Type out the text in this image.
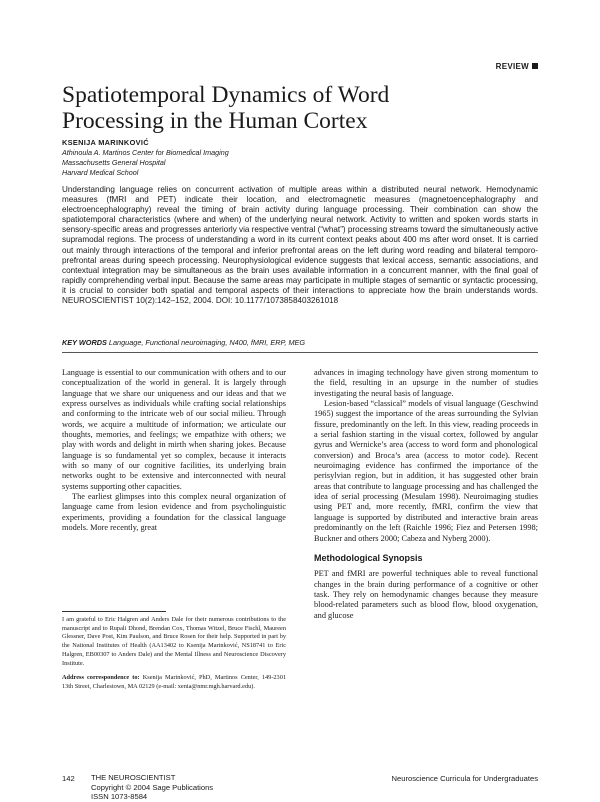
REVIEW
Spatiotemporal Dynamics of Word
Processing in the Human Cortex
KSENIJA MARINKOVIĆ
Athinoula A. Martinos Center for Biomedical Imaging
Massachusetts General Hospital
Harvard Medical School
Understanding language relies on concurrent activation of multiple areas within a distributed neural network. Hemodynamic measures (fMRI and PET) indicate their location, and electromagnetic measures (magnetoencephalography and electroencephalography) reveal the timing of brain activity during language processing. Their combination can show the spatiotemporal characteristics (where and when) of the underlying neural network. Activity to written and spoken words starts in sensory-specific areas and progresses anteriorly via respective ventral (“what”) processing streams toward the simultaneously active supramodal regions. The process of understanding a word in its current context peaks about 400 ms after word onset. It is carried out mainly through interactions of the temporal and inferior prefrontal areas on the left during word reading and bilateral temporo-prefrontal areas during speech processing. Neurophysiological evidence suggests that lexical access, semantic associations, and contextual integration may be simultaneous as the brain uses available information in a concurrent manner, with the final goal of rapidly comprehending verbal input. Because the same areas may participate in multiple stages of semantic or syntactic processing, it is crucial to consider both spatial and temporal aspects of their interactions to appreciate how the brain understands words. NEUROSCIENTIST 10(2):142–152, 2004. DOI: 10.1177/1073858403261018
KEY WORDS Language, Functional neuroimaging, N400, fMRI, ERP, MEG

Language is essential to our communication with others and to our conceptualization of the world in general. It is largely through language that we share our uniqueness and our ideas and that we express ourselves as individuals while crafting social relationships and conforming to the intricate web of our social milieu. Through words, we acquire a multitude of information; we articulate our thoughts, memories, and feelings; we empathize with others; we play with words and delight in mirth when sharing jokes. Because language is so fundamental yet so complex, because it interacts with so many of our cognitive facilities, its underlying brain networks ought to be extensive and interconnected with neural systems supporting other capacities.

The earliest glimpses into this complex neural organization of language came from lesion evidence and from psycholinguistic experiments, providing a foundation for the classical language models. More recently, great

advances in imaging technology have given strong momentum to the field, resulting in an upsurge in the number of studies investigating the neural basis of language.

Lesion-based “classical” models of visual language (Geschwind 1965) suggest the importance of the areas surrounding the Sylvian fissure, predominantly on the left. In this view, reading proceeds in a serial fashion starting in the visual cortex, followed by angular gyrus and Wernicke’s area (access to word form and phonological conversion) and Broca’s area (access to motor code). Recent neuroimaging evidence has confirmed the importance of the perisylvian region, but in addition, it has suggested other brain areas that contribute to language processing and has challenged the idea of serial processing (Mesulam 1998). Neuroimaging studies using PET and, more recently, fMRI, confirm the view that language is supported by distributed and interactive brain areas predominantly on the left (Raichle 1996; Fiez and Petersen 1998; Buckner and others 2000; Cabeza and Nyberg 2000).

Methodological Synopsis

PET and fMRI are powerful techniques able to reveal functional changes in the brain during performance of a cognitive or other task. They rely on hemodynamic changes because they measure blood-related parameters such as blood flow, blood oxygenation, and glucose

I am grateful to Eric Halgren and Anders Dale for their numerous contributions to the manuscript and to Rupali Dhond, Brendan Cox, Thomas Witzel, Bruce Fischl, Maureen Glessner, Dave Post, Kim Paulson, and Bruce Rosen for their help. Supported in part by the National Institutes of Health (AA13402 to Ksenija Marinković, NS18741 to Eric Halgren, EB00307 to Anders Dale) and the Mental Illness and Neuroscience Discovery Institute.

Address correspondence to: Ksenija Marinković, PhD, Martinos Center, 149-2301 13th Street, Charlestown, MA 02129 (e-mail: xenia@nmr.mgh.harvard.edu).

142 THE NEUROSCIENTIST
Copyright © 2004 Sage Publications
ISSN 1073-8584
Neuroscience Curricula for Undergraduates
